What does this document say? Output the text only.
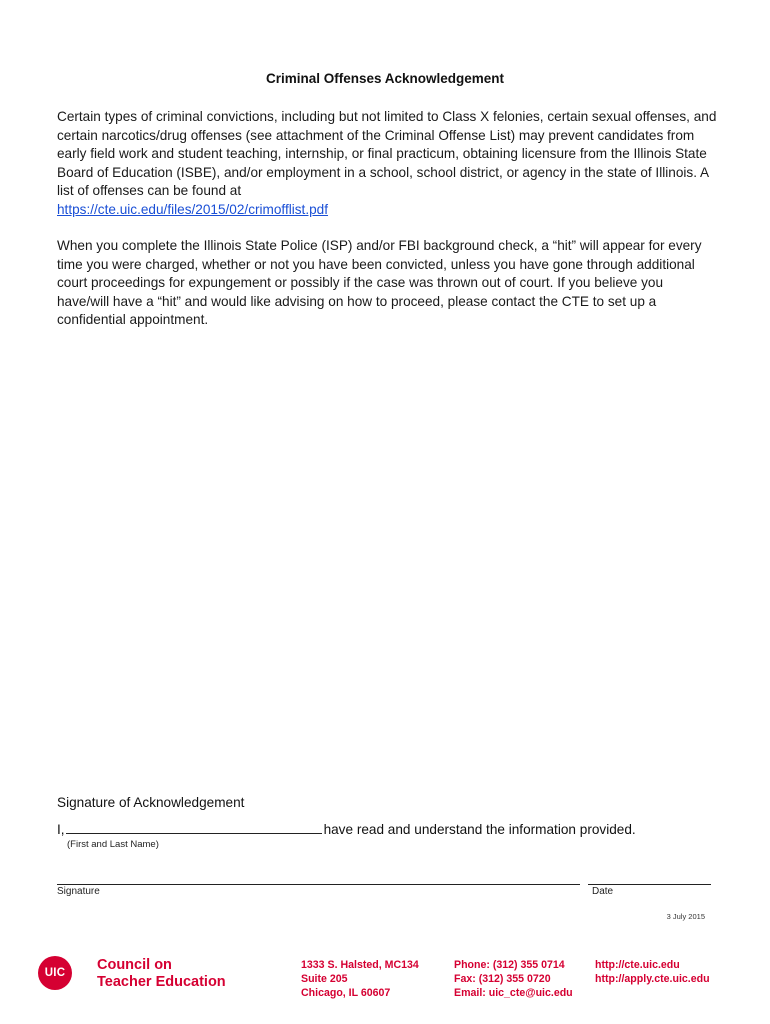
Criminal Offenses Acknowledgement
Certain types of criminal convictions, including but not limited to Class X felonies, certain sexual offenses, and certain narcotics/drug offenses (see attachment of the Criminal Offense List) may prevent candidates from early field work and student teaching, internship, or final practicum, obtaining licensure from the Illinois State Board of Education (ISBE), and/or employment in a school, school district, or agency in the state of Illinois. A list of offenses can be found at
https://cte.uic.edu/files/2015/02/crimofflist.pdf
When you complete the Illinois State Police (ISP) and/or FBI background check, a “hit” will appear for every time you were charged, whether or not you have been convicted, unless you have gone through additional court proceedings for expungement or possibly if the case was thrown out of court. If you believe you have/will have a “hit” and would like advising on how to proceed, please contact the CTE to set up a confidential appointment.
Signature of Acknowledgement
I,	have read and understand the information provided.
(First and Last Name)
Signature	Date
3 July 2015
UIC	Council on
Teacher Education
1333 S. Halsted, MC134
Suite 205
Chicago, IL 60607
Phone: (312) 355 0714
Fax: (312) 355 0720
Email: uic_cte@uic.edu
http://cte.uic.edu
http://apply.cte.uic.edu
